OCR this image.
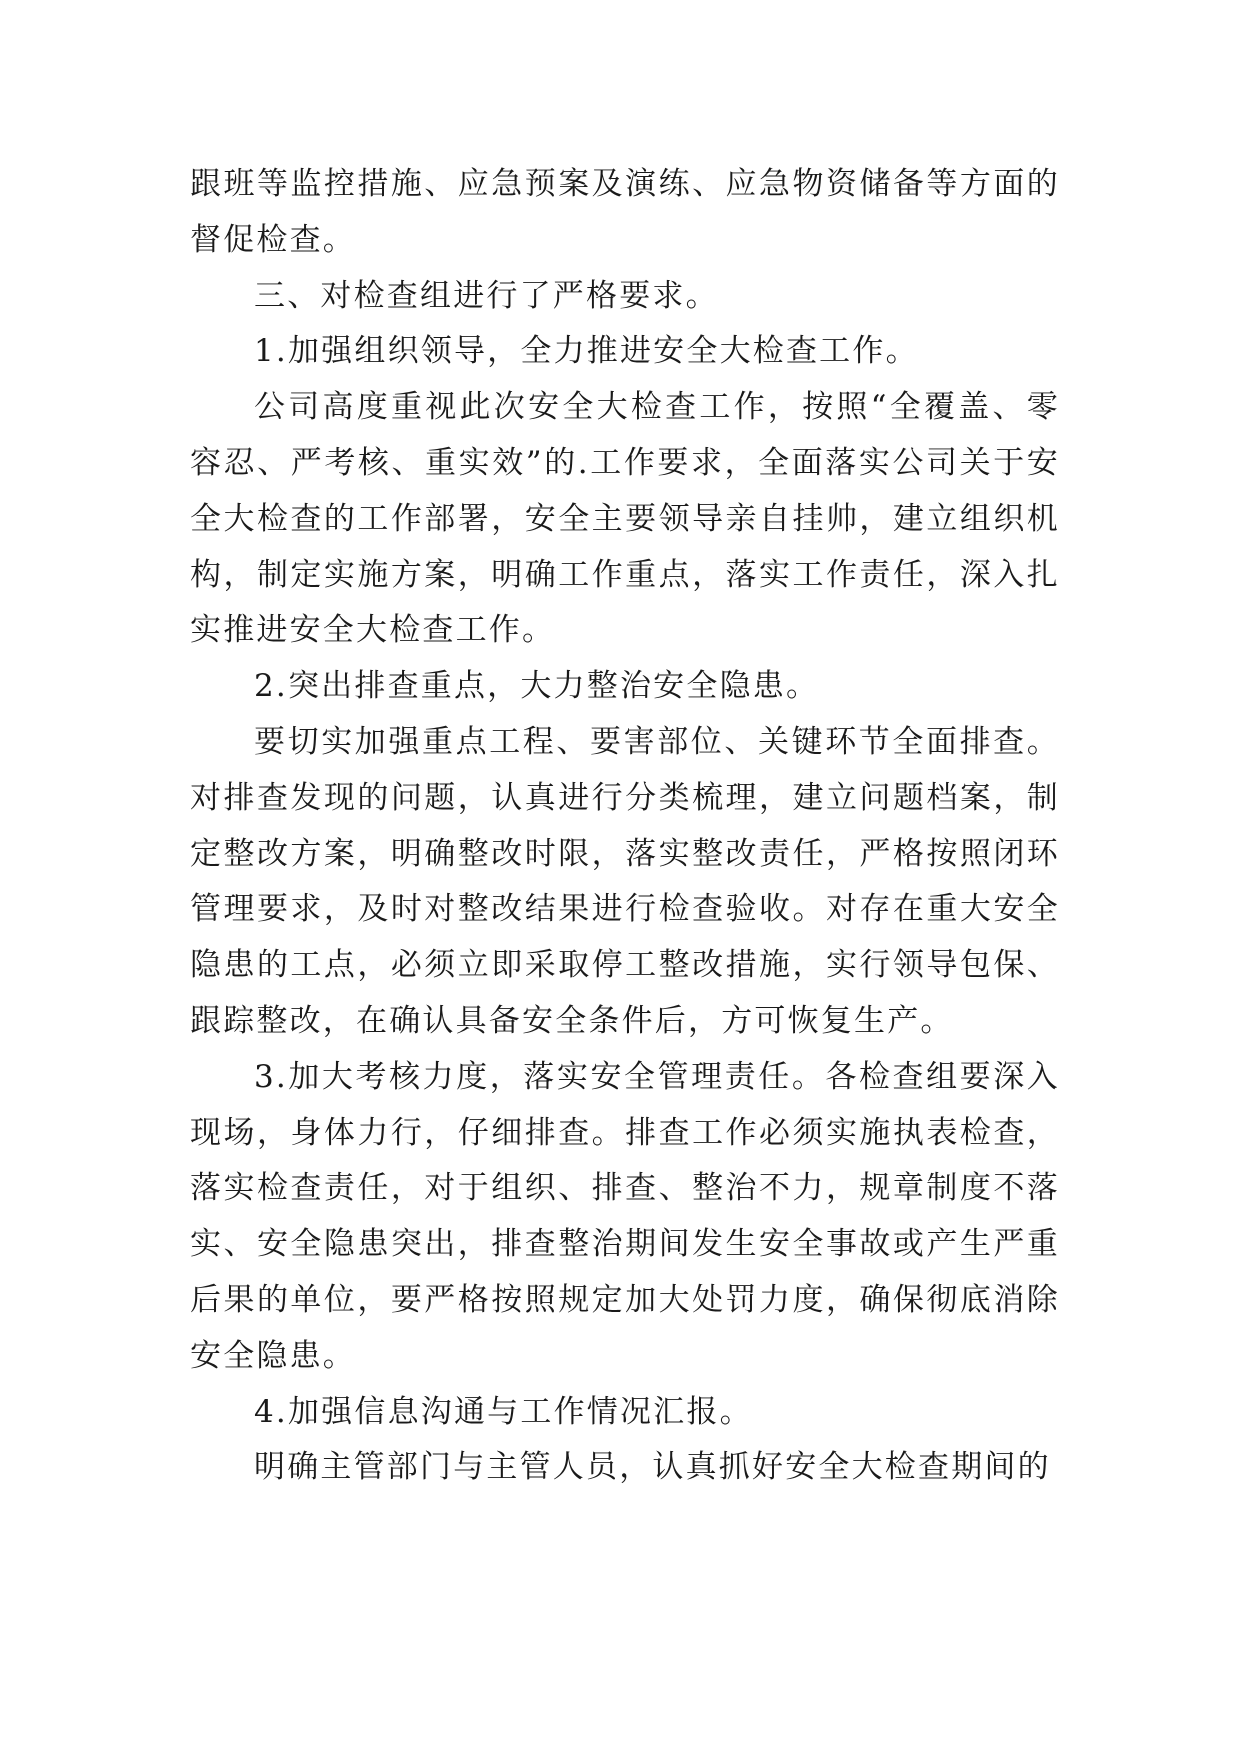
跟班等监控措施、应急预案及演练、应急物资储备等方面的督促检查。

三、对检查组进行了严格要求。

1.加强组织领导，全力推进安全大检查工作。

公司高度重视此次安全大检查工作，按照“全覆盖、零容忍、严考核、重实效”的.工作要求，全面落实公司关于安全大检查的工作部署，安全主要领导亲自挂帅，建立组织机构，制定实施方案，明确工作重点，落实工作责任，深入扎实推进安全大检查工作。

2.突出排查重点，大力整治安全隐患。

要切实加强重点工程、要害部位、关键环节全面排查。对排查发现的问题，认真进行分类梳理，建立问题档案，制定整改方案，明确整改时限，落实整改责任，严格按照闭环管理要求，及时对整改结果进行检查验收。对存在重大安全隐患的工点，必须立即采取停工整改措施，实行领导包保、跟踪整改，在确认具备安全条件后，方可恢复生产。

3.加大考核力度，落实安全管理责任。各检查组要深入现场，身体力行，仔细排查。排查工作必须实施执表检查，落实检查责任，对于组织、排查、整治不力，规章制度不落实、安全隐患突出，排查整治期间发生安全事故或产生严重后果的单位，要严格按照规定加大处罚力度，确保彻底消除安全隐患。

4.加强信息沟通与工作情况汇报。

明确主管部门与主管人员，认真抓好安全大检查期间的
